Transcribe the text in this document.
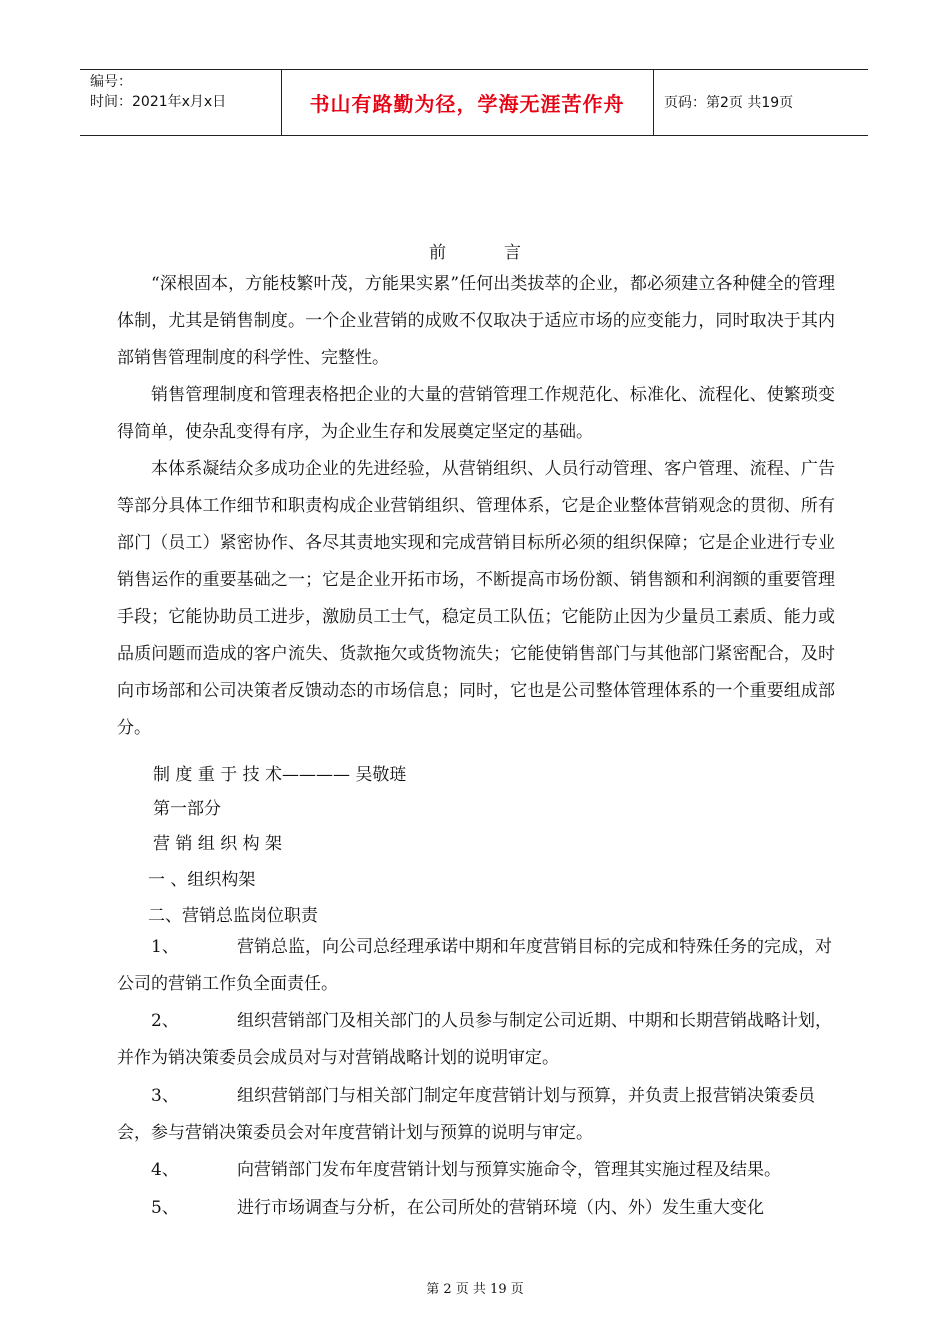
编号：
时间：2021年x月x日	书山有路勤为径，学海无涯苦作舟	页码：第2页 共19页
前	言

“深根固本，方能枝繁叶茂，方能果实累”任何出类拔萃的企业，都必须建立各种健全的管理体制，尤其是销售制度。一个企业营销的成败不仅取决于适应市场的应变能力，同时取决于其内部销售管理制度的科学性、完整性。

销售管理制度和管理表格把企业的大量的营销管理工作规范化、标准化、流程化、使繁琐变得简单，使杂乱变得有序，为企业生存和发展奠定坚定的基础。

本体系凝结众多成功企业的先进经验，从营销组织、人员行动管理、客户管理、流程、广告等部分具体工作细节和职责构成企业营销组织、管理体系，它是企业整体营销观念的贯彻、所有部门（员工）紧密协作、各尽其责地实现和完成营销目标所必须的组织保障；它是企业进行专业销售运作的重要基础之一；它是企业开拓市场，不断提高市场份额、销售额和利润额的重要管理手段；它能协助员工进步，激励员工士气，稳定员工队伍；它能防止因为少量员工素质、能力或品质问题而造成的客户流失、货款拖欠或货物流失；它能使销售部门与其他部门紧密配合，及时向市场部和公司决策者反馈动态的市场信息；同时，它也是公司整体管理体系的一个重要组成部分。

制 度 重 于 技 术———— 吴敬琏
第一部分
营 销 组 织 构 架
一 、组织构架
二、营销总监岗位职责
1、	营销总监，向公司总经理承诺中期和年度营销目标的完成和特殊任务的完成，对公司的营销工作负全面责任。
2、	组织营销部门及相关部门的人员参与制定公司近期、中期和长期营销战略计划，并作为销决策委员会成员对与对营销战略计划的说明审定。
3、	组织营销部门与相关部门制定年度营销计划与预算，并负责上报营销决策委员会，参与营销决策委员会对年度营销计划与预算的说明与审定。
4、	向营销部门发布年度营销计划与预算实施命令，管理其实施过程及结果。
5、	进行市场调查与分析，在公司所处的营销环境（内、外）发生重大变化
第 2 页 共 19 页
